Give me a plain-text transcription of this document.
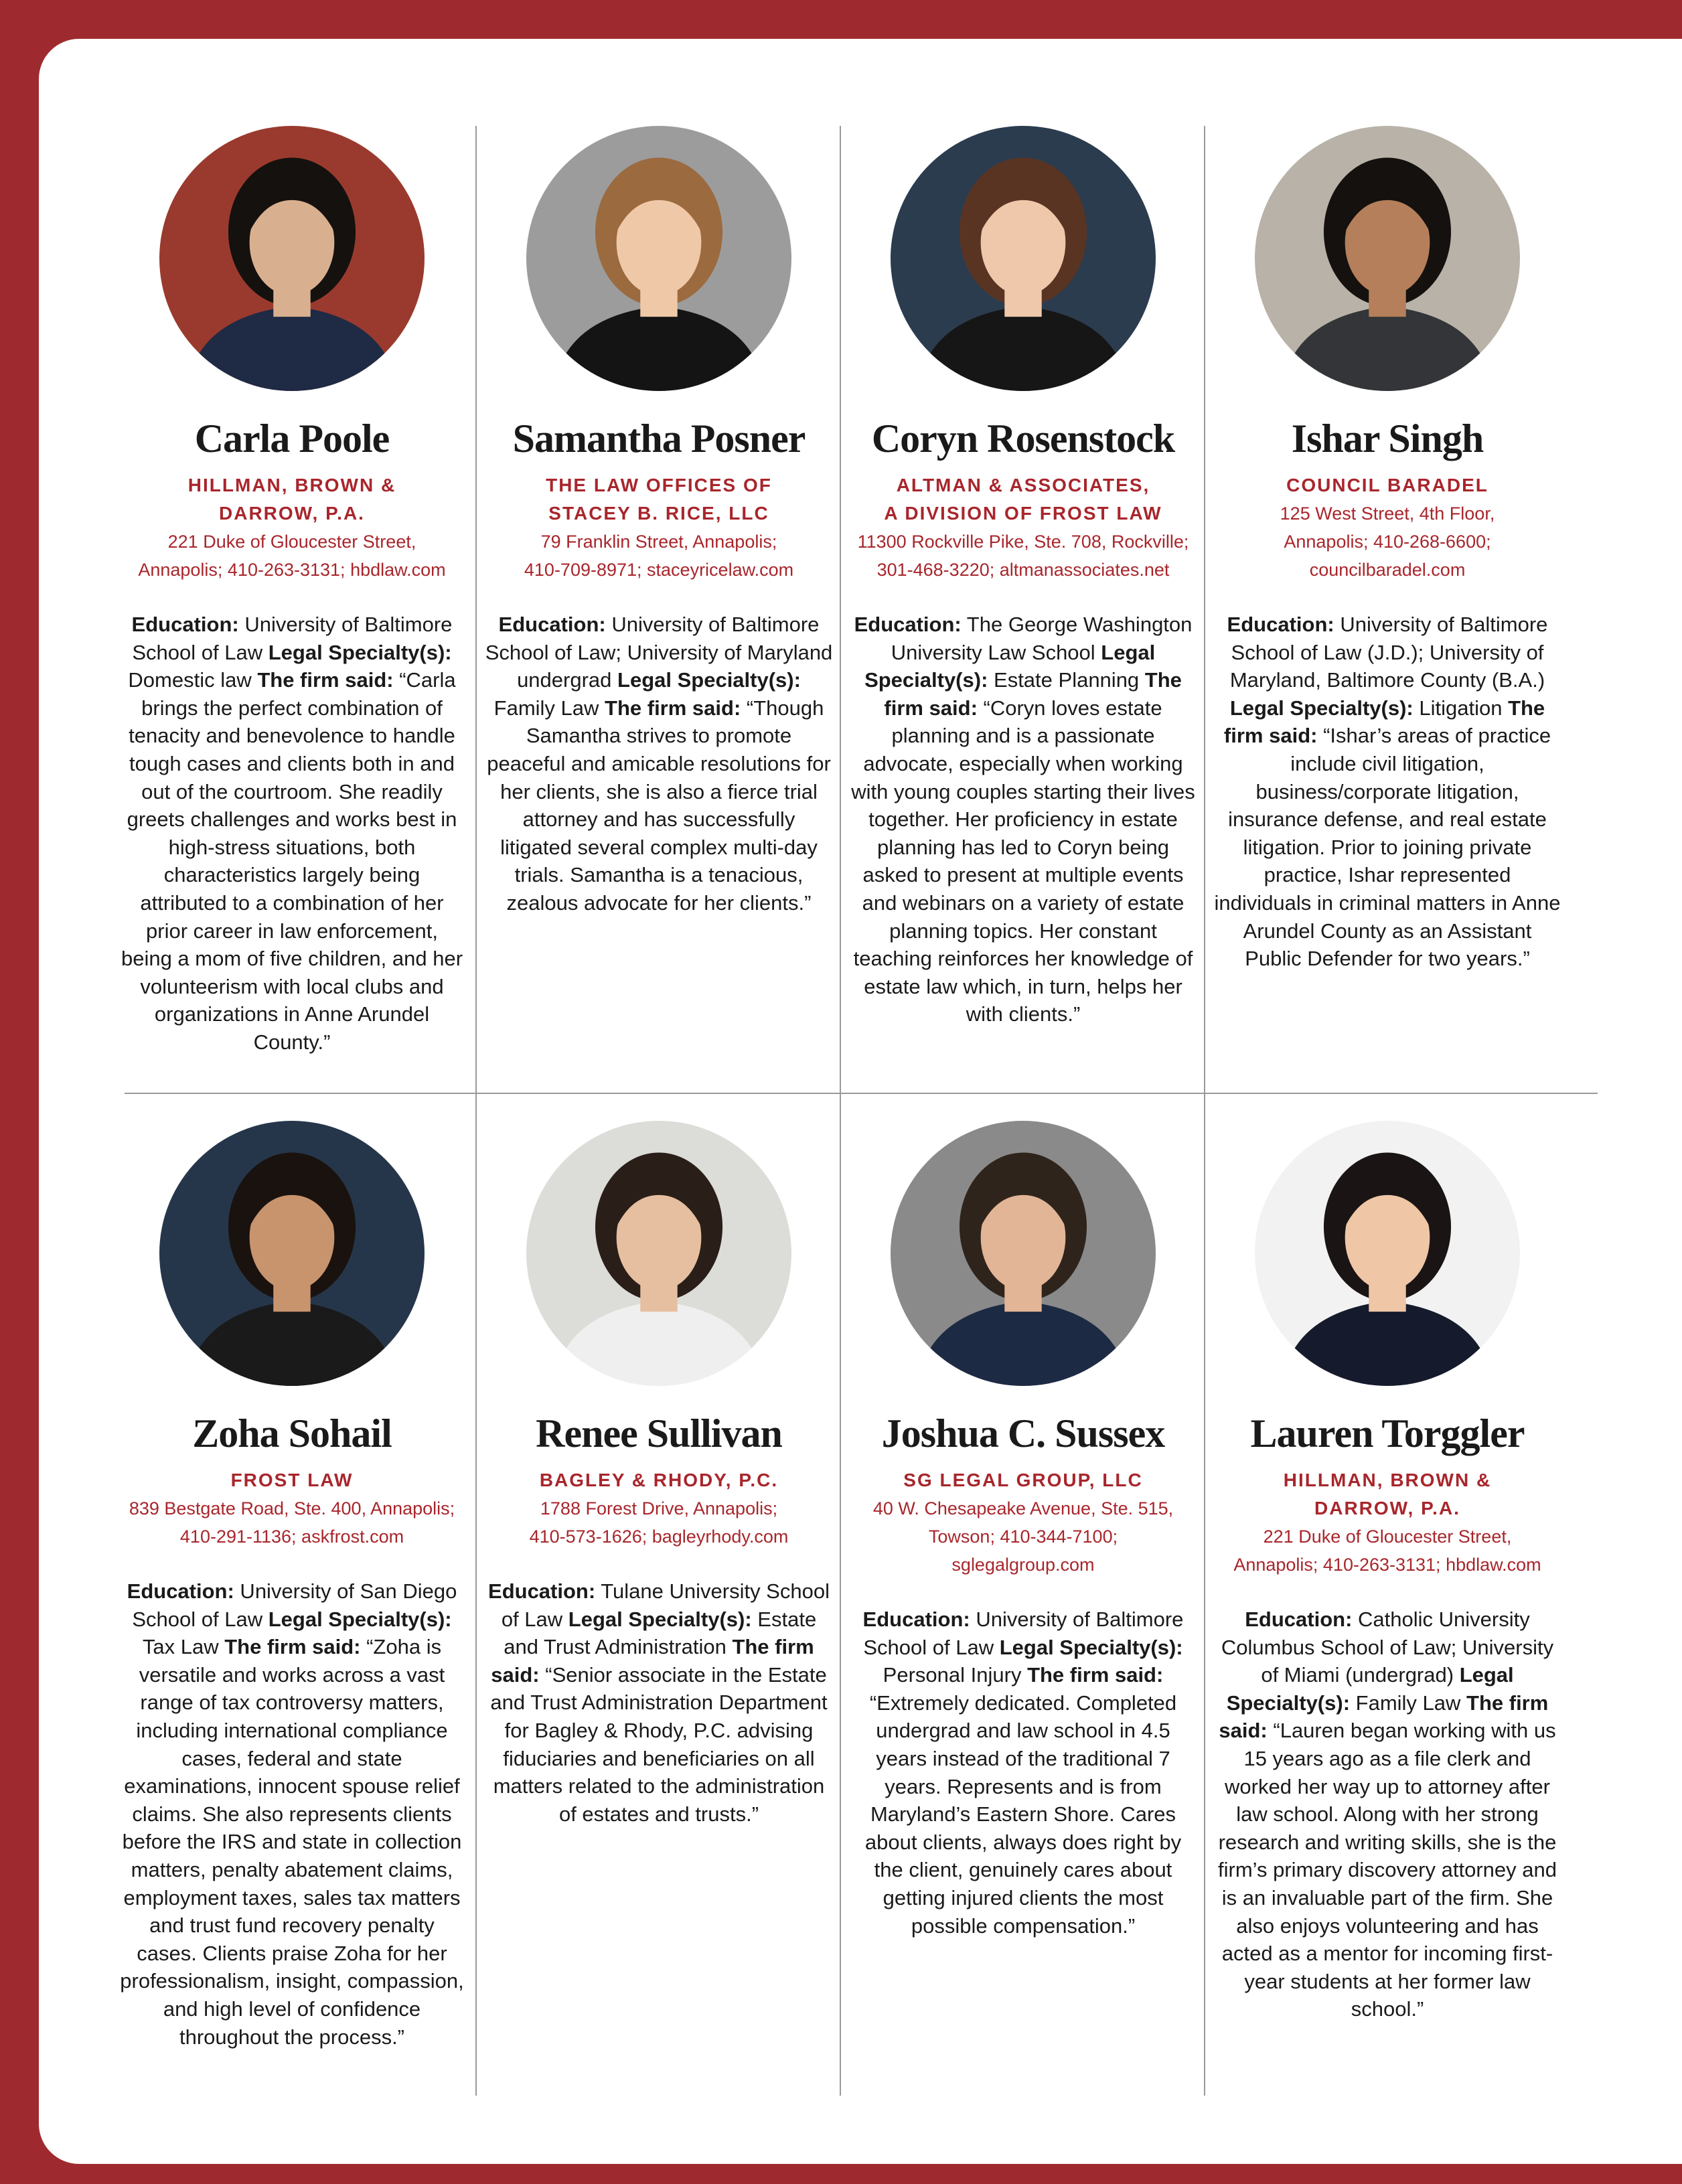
Carla Poole
HILLMAN, BROWN &
DARROW, P.A.
221 Duke of Gloucester Street,
Annapolis; 410-263-3131; hbdlaw.com
Education: University of Baltimore School of Law Legal Specialty(s): Domestic law The firm said: “Carla brings the perfect combination of tenacity and benevolence to handle tough cases and clients both in and out of the courtroom. She readily greets challenges and works best in high-stress situations, both characteristics largely being attributed to a combination of her prior career in law enforcement, being a mom of five children, and her volunteerism with local clubs and organizations in Anne Arundel County.”
Samantha Posner
THE LAW OFFICES OF
STACEY B. RICE, LLC
79 Franklin Street, Annapolis;
410-709-8971; staceyricelaw.com
Education: University of Baltimore School of Law; University of Maryland undergrad Legal Specialty(s): Family Law The firm said: “Though Samantha strives to promote peaceful and amicable resolutions for her clients, she is also a fierce trial attorney and has successfully litigated several complex multi-day trials. Samantha is a tenacious, zealous advocate for her clients.”
Coryn Rosenstock
ALTMAN & ASSOCIATES,
A DIVISION OF FROST LAW
11300 Rockville Pike, Ste. 708, Rockville;
301-468-3220; altmanassociates.net
Education: The George Washington University Law School Legal Specialty(s): Estate Planning The firm said: “Coryn loves estate planning and is a passionate advocate, especially when working with young couples starting their lives together. Her proficiency in estate planning has led to Coryn being asked to present at multiple events and webinars on a variety of estate planning topics. Her constant teaching reinforces her knowledge of estate law which, in turn, helps her with clients.”
Ishar Singh
COUNCIL BARADEL
125 West Street, 4th Floor,
Annapolis; 410-268-6600;
councilbaradel.com
Education: University of Baltimore School of Law (J.D.); University of Maryland, Baltimore County (B.A.) Legal Specialty(s): Litigation The firm said: “Ishar’s areas of practice include civil litigation, business/corporate litigation, insurance defense, and real estate litigation. Prior to joining private practice, Ishar represented individuals in criminal matters in Anne Arundel County as an Assistant Public Defender for two years.”
Zoha Sohail
FROST LAW
839 Bestgate Road, Ste. 400, Annapolis;
410-291-1136; askfrost.com
Education: University of San Diego School of Law Legal Specialty(s): Tax Law The firm said: “Zoha is versatile and works across a vast range of tax controversy matters, including international compliance cases, federal and state examinations, innocent spouse relief claims. She also represents clients before the IRS and state in collection matters, penalty abatement claims, employment taxes, sales tax matters and trust fund recovery penalty cases. Clients praise Zoha for her professionalism, insight, compassion, and high level of confidence throughout the process.”
Renee Sullivan
BAGLEY & RHODY, P.C.
1788 Forest Drive, Annapolis;
410-573-1626; bagleyrhody.com
Education: Tulane University School of Law Legal Specialty(s): Estate and Trust Administration The firm said: “Senior associate in the Estate and Trust Administration Department for Bagley & Rhody, P.C. advising fiduciaries and beneficiaries on all matters related to the administration of estates and trusts.”
Joshua C. Sussex
SG LEGAL GROUP, LLC
40 W. Chesapeake Avenue, Ste. 515,
Towson; 410-344-7100;
sglegalgroup.com
Education: University of Baltimore School of Law Legal Specialty(s): Personal Injury The firm said: “Extremely dedicated. Completed undergrad and law school in 4.5 years instead of the traditional 7 years. Represents and is from Maryland’s Eastern Shore. Cares about clients, always does right by the client, genuinely cares about getting injured clients the most possible compensation.”
Lauren Torggler
HILLMAN, BROWN &
DARROW, P.A.
221 Duke of Gloucester Street,
Annapolis; 410-263-3131; hbdlaw.com
Education: Catholic University Columbus School of Law; University of Miami (undergrad) Legal Specialty(s): Family Law The firm said: “Lauren began working with us 15 years ago as a file clerk and worked her way up to attorney after law school. Along with her strong research and writing skills, she is the firm’s primary discovery attorney and is an invaluable part of the firm. She also enjoys volunteering and has acted as a mentor for incoming first-year students at her former law school.”
